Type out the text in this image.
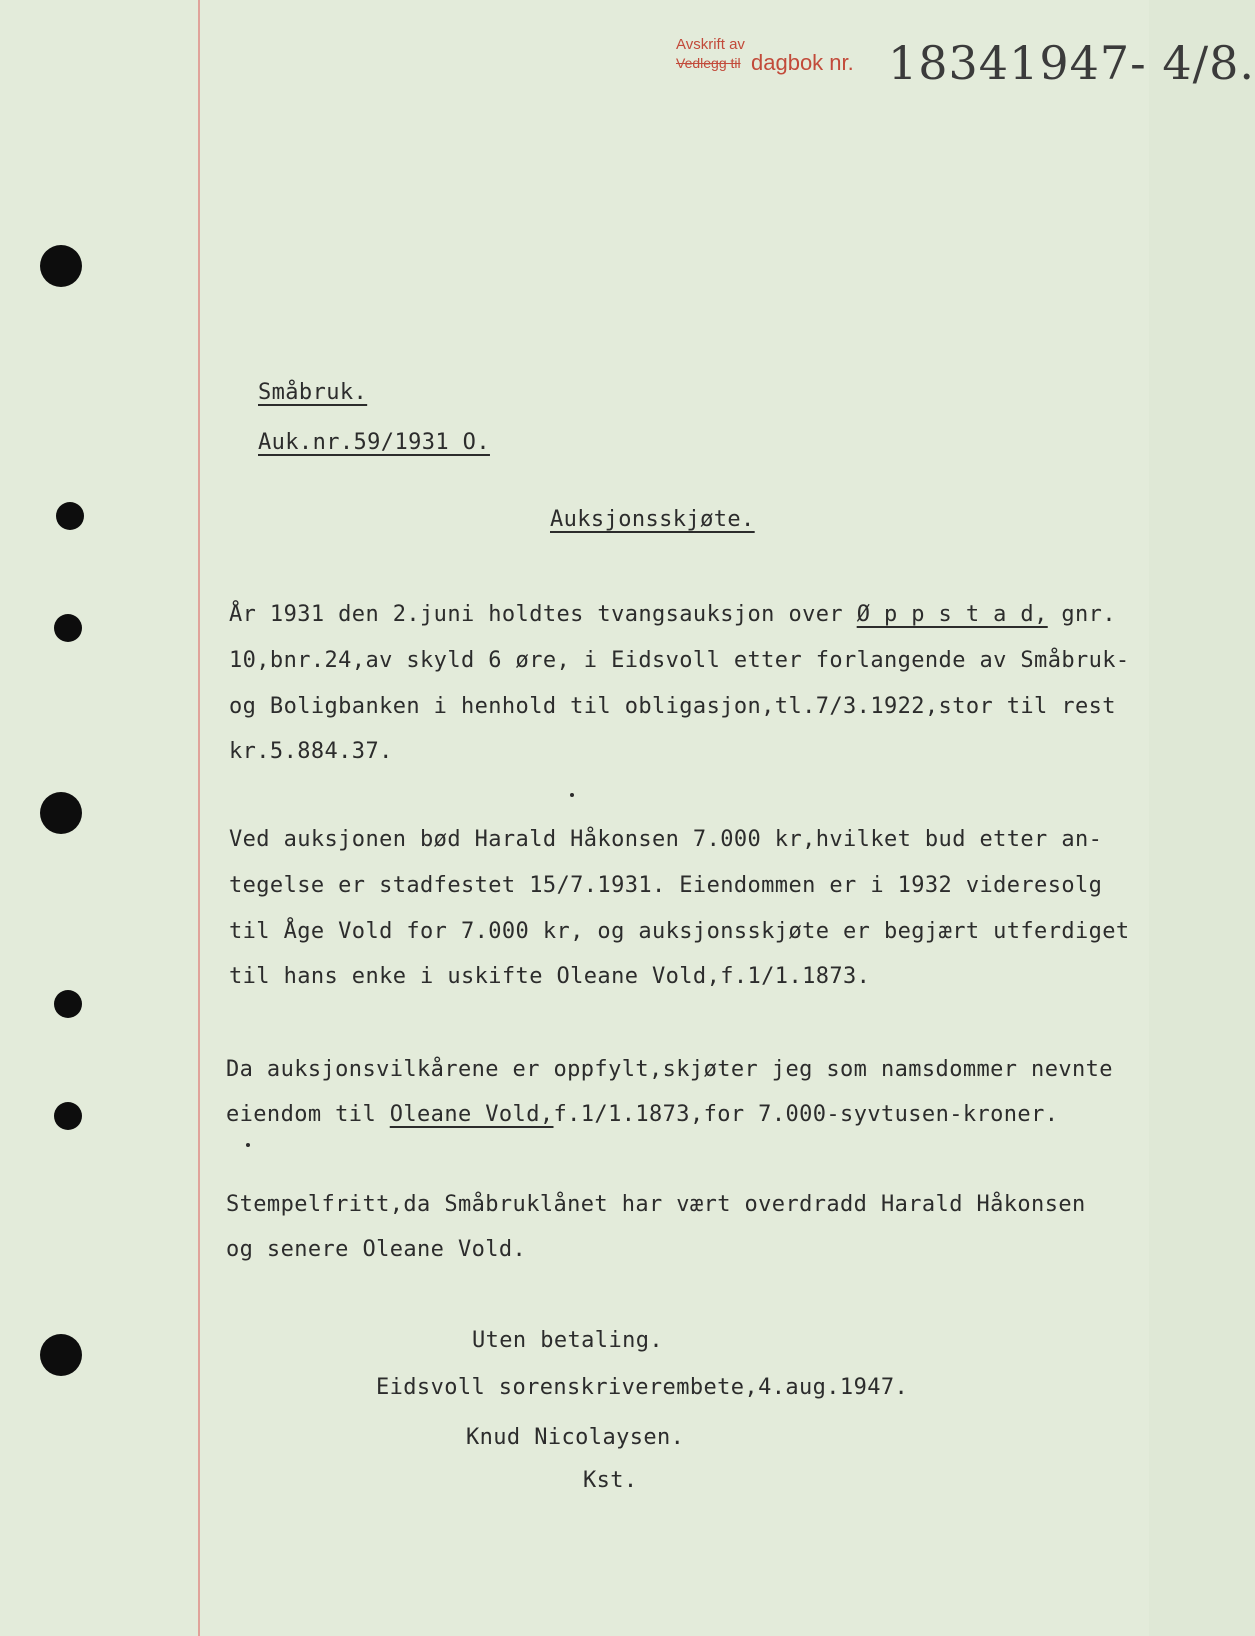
Avskrift av
Vedlegg til dagbok nr. 18341947- 4/8.
Småbruk.
Auk.nr.59/1931 O.
Auksjonsskjøte.
År 1931 den 2.juni holdtes tvangsauksjon over Ø p p s t a d, gnr.
10,bnr.24,av skyld 6 øre, i Eidsvoll etter forlangende av Småbruk-
og Boligbanken i henhold til obligasjon,tl.7/3.1922,stor til rest
kr.5.884.37.
Ved auksjonen bød Harald Håkonsen 7.000 kr,hvilket bud etter an-
tegelse er stadfestet 15/7.1931. Eiendommen er i 1932 videresolg
til Åge Vold for 7.000 kr, og auksjonsskjøte er begjært utferdiget
til hans enke i uskifte Oleane Vold,f.1/1.1873.
Da auksjonsvilkårene er oppfylt,skjøter jeg som namsdommer nevnte
eiendom til Oleane Vold,f.1/1.1873,for 7.000-syvtusen-kroner.
Stempelfritt,da Småbruklånet har vært overdradd Harald Håkonsen
og senere Oleane Vold.
Uten betaling.
Eidsvoll sorenskriverembete,4.aug.1947.
Knud Nicolaysen.
Kst.
